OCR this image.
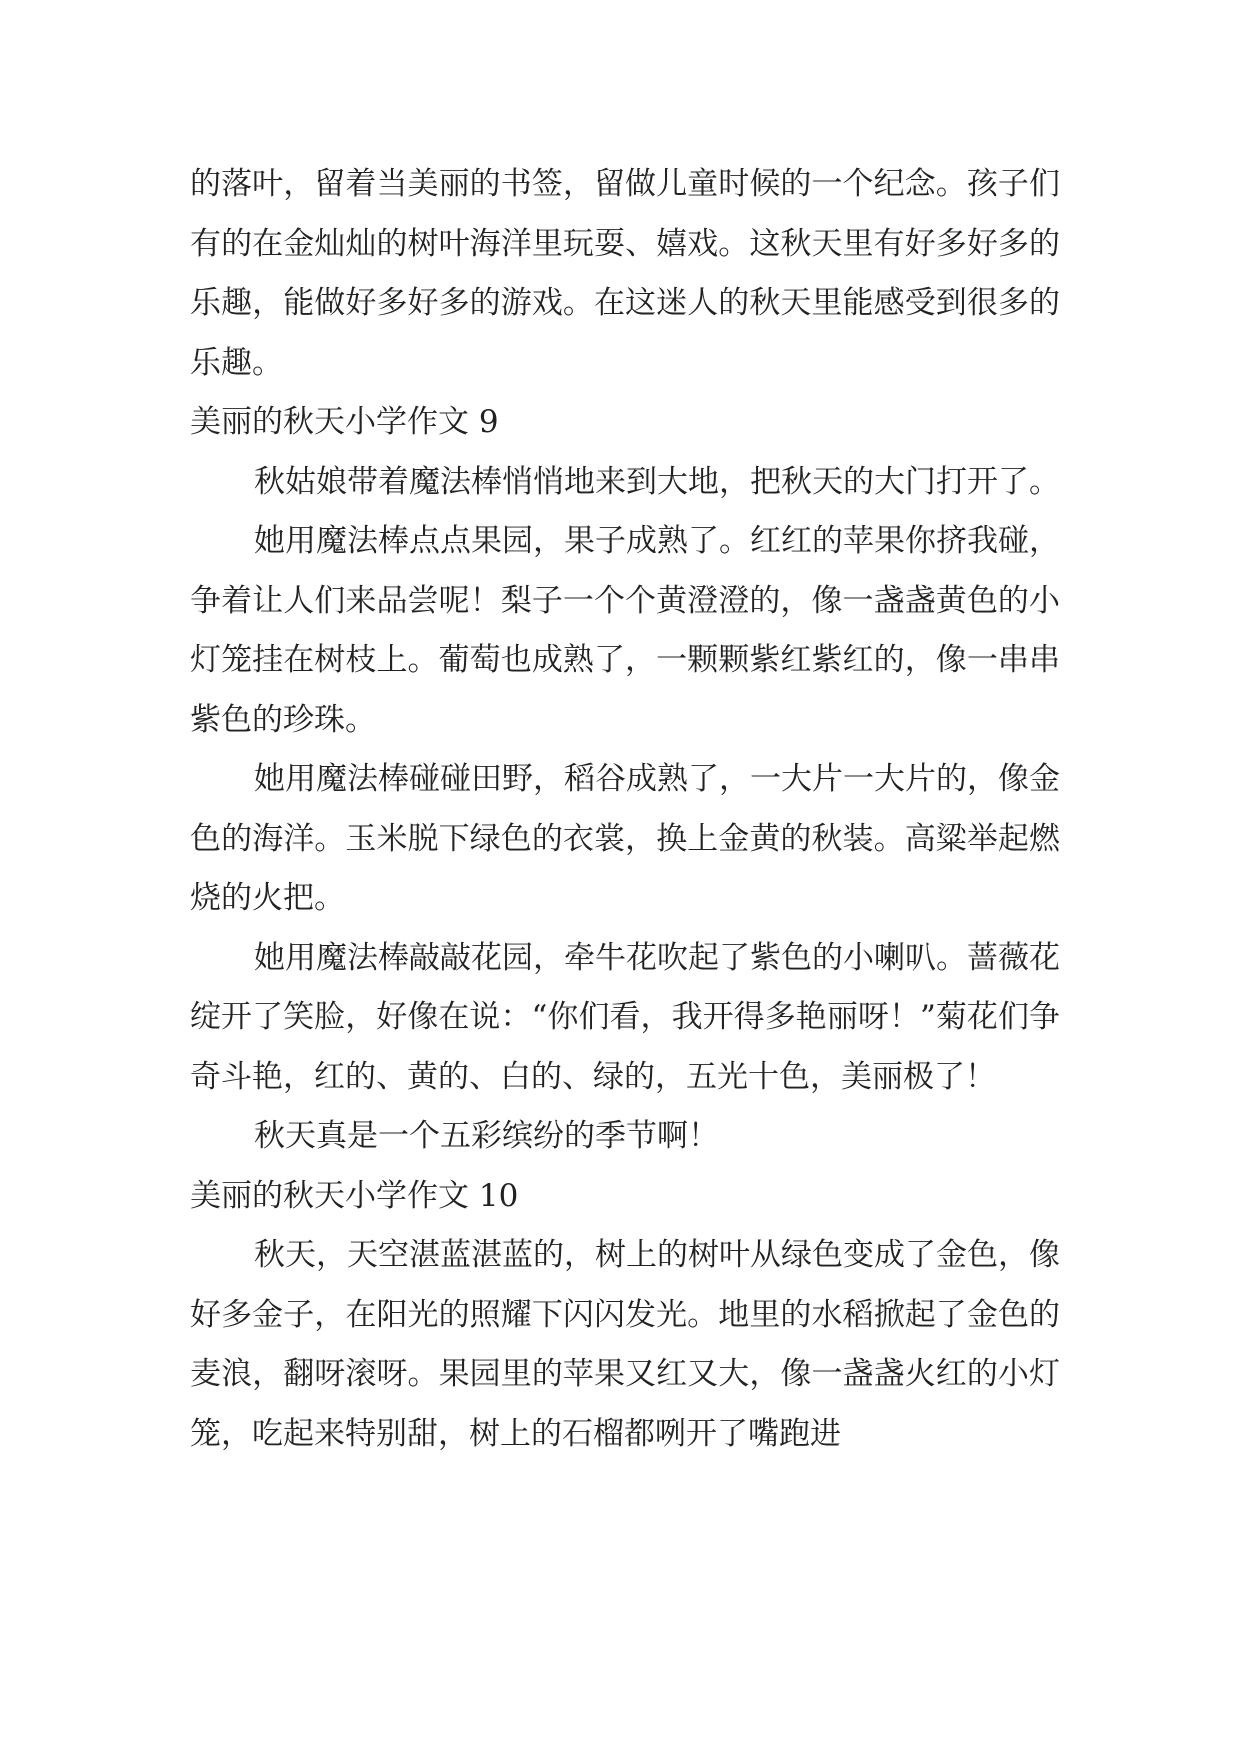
的落叶，留着当美丽的书签，留做儿童时候的一个纪念。孩子们有的在金灿灿的树叶海洋里玩耍、嬉戏。这秋天里有好多好多的乐趣，能做好多好多的游戏。在这迷人的秋天里能感受到很多的乐趣。

美丽的秋天小学作文 9

秋姑娘带着魔法棒悄悄地来到大地，把秋天的大门打开了。

她用魔法棒点点果园，果子成熟了。红红的苹果你挤我碰，争着让人们来品尝呢！梨子一个个黄澄澄的，像一盏盏黄色的小灯笼挂在树枝上。葡萄也成熟了，一颗颗紫红紫红的，像一串串紫色的珍珠。

她用魔法棒碰碰田野，稻谷成熟了，一大片一大片的，像金色的海洋。玉米脱下绿色的衣裳，换上金黄的秋装。高粱举起燃烧的火把。

她用魔法棒敲敲花园，牵牛花吹起了紫色的小喇叭。蔷薇花绽开了笑脸，好像在说：“你们看，我开得多艳丽呀！”菊花们争奇斗艳，红的、黄的、白的、绿的，五光十色，美丽极了！

秋天真是一个五彩缤纷的季节啊！

美丽的秋天小学作文 10

秋天，天空湛蓝湛蓝的，树上的树叶从绿色变成了金色，像好多金子，在阳光的照耀下闪闪发光。地里的水稻掀起了金色的麦浪，翻呀滚呀。果园里的苹果又红又大，像一盏盏火红的小灯笼，吃起来特别甜，树上的石榴都咧开了嘴跑进
